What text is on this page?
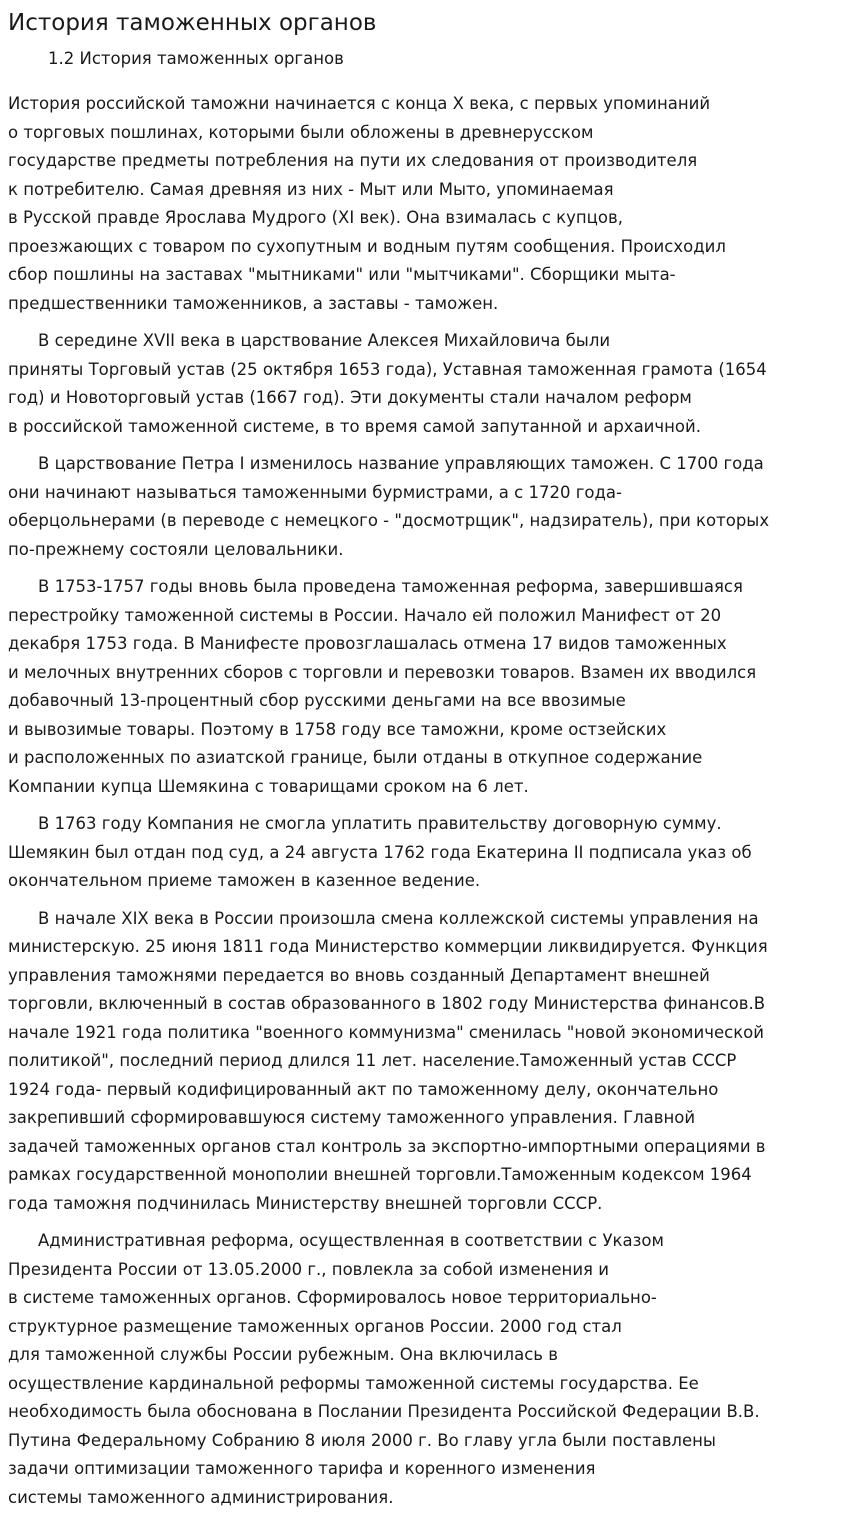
История таможенных органов
1.2 История таможенных органов

История российской таможни начинается с конца X века, с первых упоминаний
о торговых пошлинах, которыми были обложены в древнерусском
государстве предметы потребления на пути их следования от производителя
к потребителю. Самая древняя из них - Мыт или Мыто, упоминаемая
в Русской правде Ярослава Мудрого (XI век). Она взималась с купцов,
проезжающих с товаром по сухопутным и водным путям сообщения. Происходил
сбор пошлины на заставах "мытниками" или "мытчиками". Сборщики мыта-
предшественники таможенников, а заставы - таможен.

В середине XVII века в царствование Алексея Михайловича были
приняты Торговый устав (25 октября 1653 года), Уставная таможенная грамота (1654
год) и Новоторговый устав (1667 год). Эти документы стали началом реформ
в российской таможенной системе, в то время самой запутанной и архаичной.

В царствование Петра I изменилось название управляющих таможен. С 1700 года
они начинают называться таможенными бурмистрами, а с 1720 года-
оберцольнерами (в переводе с немецкого - "досмотрщик", надзиратель), при которых
по-прежнему состояли целовальники.

В 1753-1757 годы вновь была проведена таможенная реформа, завершившаяся
перестройку таможенной системы в России. Начало ей положил Манифест от 20
декабря 1753 года. В Манифесте провозглашалась отмена 17 видов таможенных
и мелочных внутренних сборов с торговли и перевозки товаров. Взамен их вводился
добавочный 13-процентный сбор русскими деньгами на все ввозимые
и вывозимые товары. Поэтому в 1758 году все таможни, кроме остзейских
и расположенных по азиатской границе, были отданы в откупное содержание
Компании купца Шемякина с товарищами сроком на 6 лет.

В 1763 году Компания не смогла уплатить правительству договорную сумму.
Шемякин был отдан под суд, а 24 августа 1762 года Екатерина II подписала указ об
окончательном приеме таможен в казенное ведение.

В начале XIX века в России произошла смена коллежской системы управления на
министерскую. 25 июня 1811 года Министерство коммерции ликвидируется. Функция
управления таможнями передается во вновь созданный Департамент внешней
торговли, включенный в состав образованного в 1802 году Министерства финансов.В
начале 1921 года политика "военного коммунизма" сменилась "новой экономической
политикой", последний период длился 11 лет. население.Таможенный устав СССР
1924 года- первый кодифицированный акт по таможенному делу, окончательно
закрепивший сформировавшуюся систему таможенного управления. Главной
задачей таможенных органов стал контроль за экспортно-импортными операциями в
рамках государственной монополии внешней торговли.Таможенным кодексом 1964
года таможня подчинилась Министерству внешней торговли СССР.

Административная реформа, осуществленная в соответствии с Указом
Президента России от 13.05.2000 г., повлекла за собой изменения и
в системе таможенных органов. Сформировалось новое территориально-
структурное размещение таможенных органов России. 2000 год стал
для таможенной службы России рубежным. Она включилась в
осуществление кардинальной реформы таможенной системы государства. Ее
необходимость была обоснована в Послании Президента Российской Федерации В.В.
Путина Федеральному Собранию 8 июля 2000 г. Во главу угла были поставлены
задачи оптимизации таможенного тарифа и коренного изменения
системы таможенного администрирования.
